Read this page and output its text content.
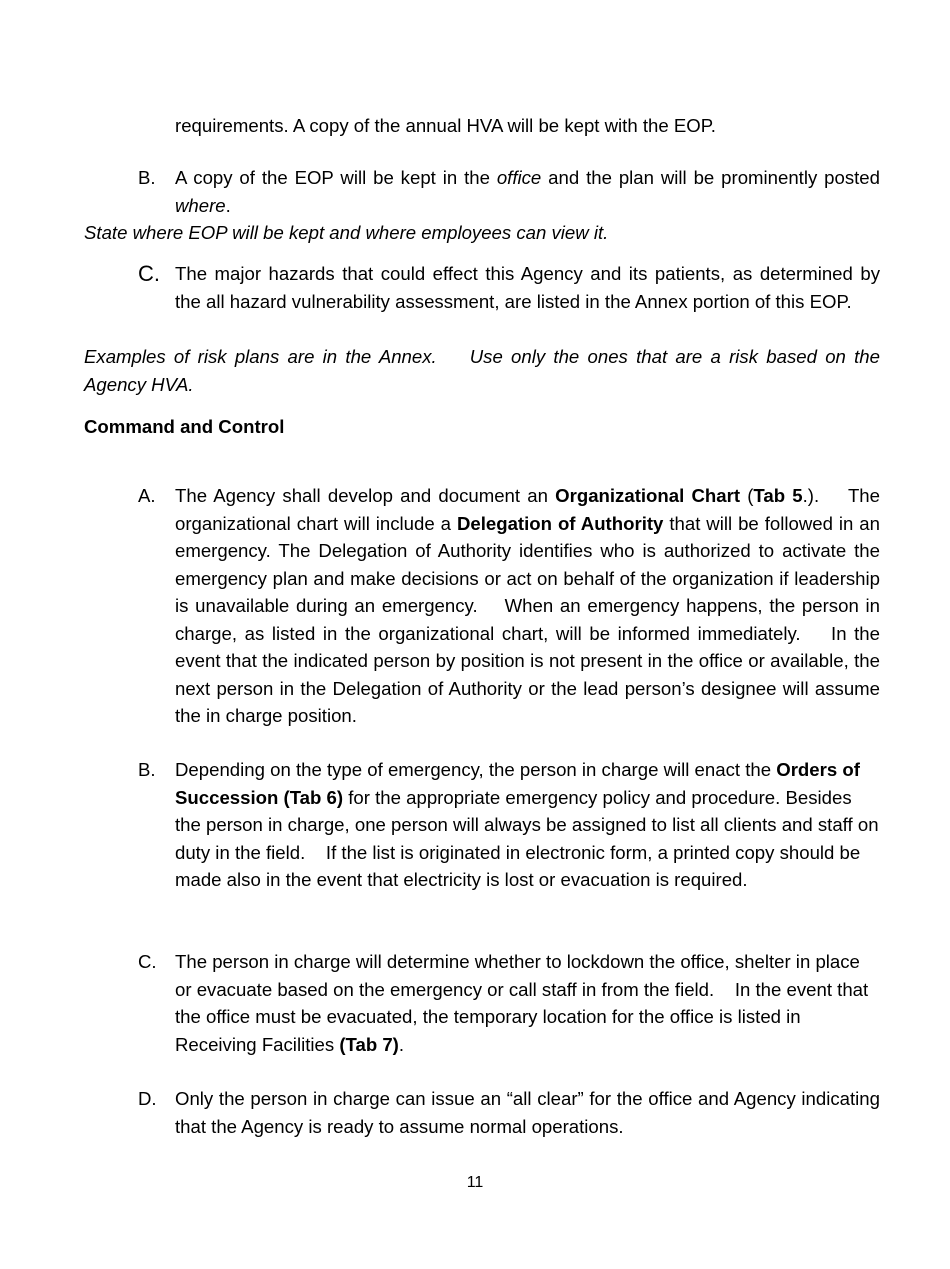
requirements. A copy of the annual HVA will be kept with the EOP.
B.	A copy of the EOP will be kept in the office and the plan will be prominently posted where.
State where EOP will be kept and where employees can view it.
C. The major hazards that could effect this Agency and its patients, as determined by the all hazard vulnerability assessment, are listed in the Annex portion of this EOP.
Examples of risk plans are in the Annex.    Use only the ones that are a risk based on the Agency HVA.
Command and Control
A.	The Agency shall develop and document an Organizational Chart (Tab 5.).    The organizational chart will include a Delegation of Authority that will be followed in an emergency. The Delegation of Authority identifies who is authorized to activate the emergency plan and make decisions or act on behalf of the organization if leadership is unavailable during an emergency.    When an emergency happens, the person in charge, as listed in the organizational chart, will be informed immediately.    In the event that the indicated person by position is not present in the office or available, the next person in the Delegation of Authority or the lead person’s designee will assume the in charge position.
B.	Depending on the type of emergency, the person in charge will enact the Orders of Succession (Tab 6) for the appropriate emergency policy and procedure. Besides the person in charge, one person will always be assigned to list all clients and staff on duty in the field.    If the list is originated in electronic form, a printed copy should be made also in the event that electricity is lost or evacuation is required.
C. The person in charge will determine whether to lockdown the office, shelter in place or evacuate based on the emergency or call staff in from the field.    In the event that the office must be evacuated, the temporary location for the office is listed in Receiving Facilities (Tab 7).
D. Only the person in charge can issue an “all clear” for the office and Agency indicating that the Agency is ready to assume normal operations.
11
